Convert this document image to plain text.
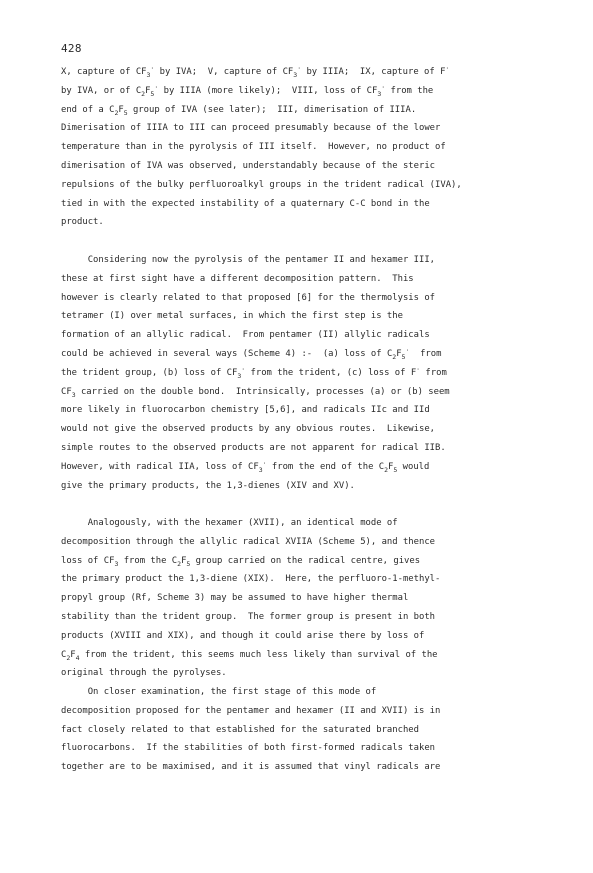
428
X, capture of $CF_3^\cdot$ by IVA;  V, capture of $CF_3^\cdot$ by IIIA;  IX, capture of F·
by IVA, or of $C_2F_5^\cdot$ by IIIA (more likely);  VIII, loss of $CF_3^\cdot$ from the
end of a $C_2F_5$ group of IVA (see later);  III, dimerisation of IIIA.
Dimerisation of IIIA to III can proceed presumably because of the lower
temperature than in the pyrolysis of III itself.  However, no product of
dimerisation of IVA was observed, understandably because of the steric
repulsions of the bulky perfluoroalkyl groups in the trident radical (IVA),
tied in with the expected instability of a quaternary C-C bond in the
product.
Considering now the pyrolysis of the pentamer II and hexamer III,
these at first sight have a different decomposition pattern.  This
however is clearly related to that proposed [6] for the thermolysis of
tetramer (I) over metal surfaces, in which the first step is the
formation of an allylic radical.  From pentamer (II) allylic radicals
could be achieved in several ways (Scheme 4) :-  (a) loss of $C_2F_5^\cdot$  from
the trident group, (b) loss of $CF_3^\cdot$ from the trident, (c) loss of F· from
$CF_3$ carried on the double bond.  Intrinsically, processes (a) or (b) seem
more likely in fluorocarbon chemistry [5,6], and radicals IIc and IId
would not give the observed products by any obvious routes.  Likewise,
simple routes to the observed products are not apparent for radical IIB.
However, with radical IIA, loss of $CF_3^\cdot$ from the end of the $C_2F_5$ would
give the primary products, the 1,3-dienes (XIV and XV).
Analogously, with the hexamer (XVII), an identical mode of
decomposition through the allylic radical XVIIA (Scheme 5), and thence
loss of $CF_3$ from the $C_2F_5$ group carried on the radical centre, gives
the primary product the 1,3-diene (XIX).  Here, the perfluoro-1-methyl-
propyl group (Rf, Scheme 3) may be assumed to have higher thermal
stability than the trident group.  The former group is present in both
products (XVIII and XIX), and though it could arise there by loss of
$C_2F_4$ from the trident, this seems much less likely than survival of the
original through the pyrolyses.
On closer examination, the first stage of this mode of
decomposition proposed for the pentamer and hexamer (II and XVII) is in
fact closely related to that established for the saturated branched
fluorocarbons.  If the stabilities of both first-formed radicals taken
together are to be maximised, and it is assumed that vinyl radicals are
